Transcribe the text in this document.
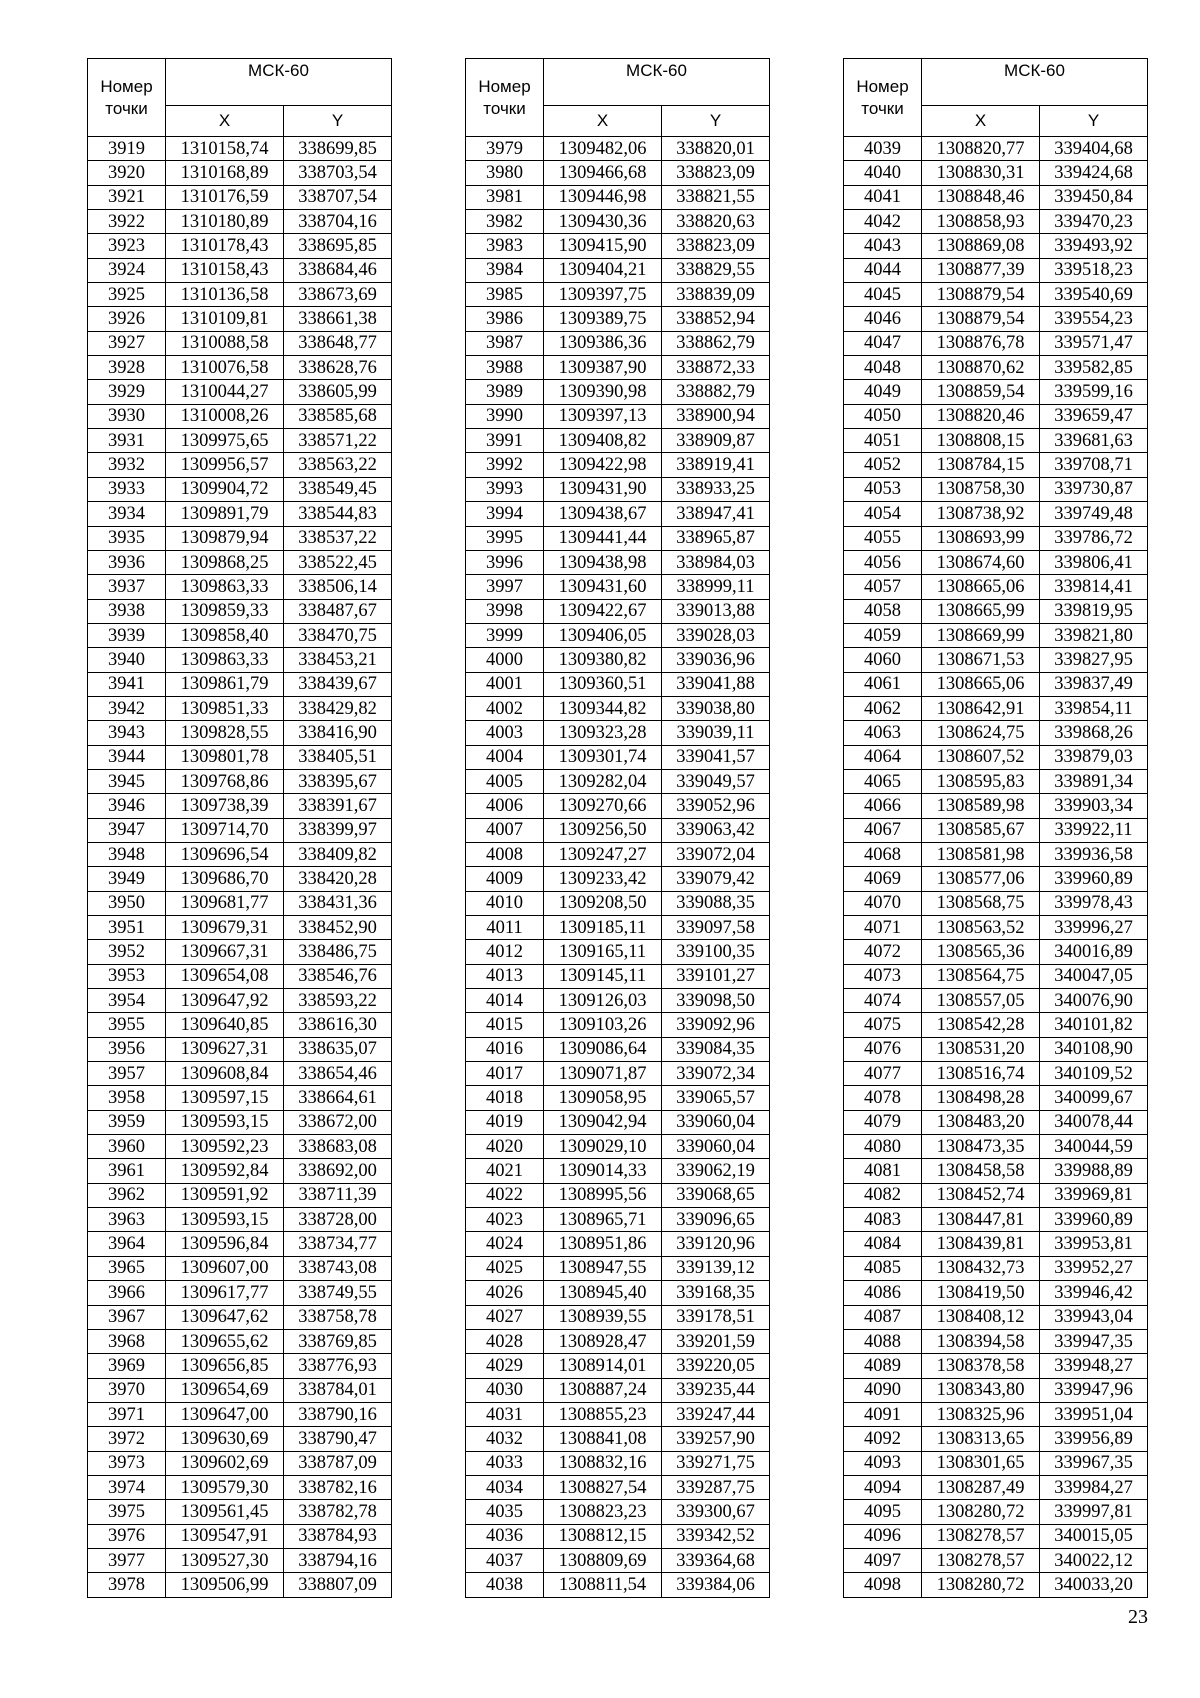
Номер точки	МСК-60	
	X	Y
3919	1310158,74	338699,85
3920	1310168,89	338703,54
3921	1310176,59	338707,54
3922	1310180,89	338704,16
3923	1310178,43	338695,85
3924	1310158,43	338684,46
3925	1310136,58	338673,69
3926	1310109,81	338661,38
3927	1310088,58	338648,77
3928	1310076,58	338628,76
3929	1310044,27	338605,99
3930	1310008,26	338585,68
3931	1309975,65	338571,22
3932	1309956,57	338563,22
3933	1309904,72	338549,45
3934	1309891,79	338544,83
3935	1309879,94	338537,22
3936	1309868,25	338522,45
3937	1309863,33	338506,14
3938	1309859,33	338487,67
3939	1309858,40	338470,75
3940	1309863,33	338453,21
3941	1309861,79	338439,67
3942	1309851,33	338429,82
3943	1309828,55	338416,90
3944	1309801,78	338405,51
3945	1309768,86	338395,67
3946	1309738,39	338391,67
3947	1309714,70	338399,97
3948	1309696,54	338409,82
3949	1309686,70	338420,28
3950	1309681,77	338431,36
3951	1309679,31	338452,90
3952	1309667,31	338486,75
3953	1309654,08	338546,76
3954	1309647,92	338593,22
3955	1309640,85	338616,30
3956	1309627,31	338635,07
3957	1309608,84	338654,46
3958	1309597,15	338664,61
3959	1309593,15	338672,00
3960	1309592,23	338683,08
3961	1309592,84	338692,00
3962	1309591,92	338711,39
3963	1309593,15	338728,00
3964	1309596,84	338734,77
3965	1309607,00	338743,08
3966	1309617,77	338749,55
3967	1309647,62	338758,78
3968	1309655,62	338769,85
3969	1309656,85	338776,93
3970	1309654,69	338784,01
3971	1309647,00	338790,16
3972	1309630,69	338790,47
3973	1309602,69	338787,09
3974	1309579,30	338782,16
3975	1309561,45	338782,78
3976	1309547,91	338784,93
3977	1309527,30	338794,16
3978	1309506,99	338807,09
Номер точки	МСК-60	
	X	Y
3979	1309482,06	338820,01
3980	1309466,68	338823,09
3981	1309446,98	338821,55
3982	1309430,36	338820,63
3983	1309415,90	338823,09
3984	1309404,21	338829,55
3985	1309397,75	338839,09
3986	1309389,75	338852,94
3987	1309386,36	338862,79
3988	1309387,90	338872,33
3989	1309390,98	338882,79
3990	1309397,13	338900,94
3991	1309408,82	338909,87
3992	1309422,98	338919,41
3993	1309431,90	338933,25
3994	1309438,67	338947,41
3995	1309441,44	338965,87
3996	1309438,98	338984,03
3997	1309431,60	338999,11
3998	1309422,67	339013,88
3999	1309406,05	339028,03
4000	1309380,82	339036,96
4001	1309360,51	339041,88
4002	1309344,82	339038,80
4003	1309323,28	339039,11
4004	1309301,74	339041,57
4005	1309282,04	339049,57
4006	1309270,66	339052,96
4007	1309256,50	339063,42
4008	1309247,27	339072,04
4009	1309233,42	339079,42
4010	1309208,50	339088,35
4011	1309185,11	339097,58
4012	1309165,11	339100,35
4013	1309145,11	339101,27
4014	1309126,03	339098,50
4015	1309103,26	339092,96
4016	1309086,64	339084,35
4017	1309071,87	339072,34
4018	1309058,95	339065,57
4019	1309042,94	339060,04
4020	1309029,10	339060,04
4021	1309014,33	339062,19
4022	1308995,56	339068,65
4023	1308965,71	339096,65
4024	1308951,86	339120,96
4025	1308947,55	339139,12
4026	1308945,40	339168,35
4027	1308939,55	339178,51
4028	1308928,47	339201,59
4029	1308914,01	339220,05
4030	1308887,24	339235,44
4031	1308855,23	339247,44
4032	1308841,08	339257,90
4033	1308832,16	339271,75
4034	1308827,54	339287,75
4035	1308823,23	339300,67
4036	1308812,15	339342,52
4037	1308809,69	339364,68
4038	1308811,54	339384,06
Номер точки	МСК-60	
	X	Y
4039	1308820,77	339404,68
4040	1308830,31	339424,68
4041	1308848,46	339450,84
4042	1308858,93	339470,23
4043	1308869,08	339493,92
4044	1308877,39	339518,23
4045	1308879,54	339540,69
4046	1308879,54	339554,23
4047	1308876,78	339571,47
4048	1308870,62	339582,85
4049	1308859,54	339599,16
4050	1308820,46	339659,47
4051	1308808,15	339681,63
4052	1308784,15	339708,71
4053	1308758,30	339730,87
4054	1308738,92	339749,48
4055	1308693,99	339786,72
4056	1308674,60	339806,41
4057	1308665,06	339814,41
4058	1308665,99	339819,95
4059	1308669,99	339821,80
4060	1308671,53	339827,95
4061	1308665,06	339837,49
4062	1308642,91	339854,11
4063	1308624,75	339868,26
4064	1308607,52	339879,03
4065	1308595,83	339891,34
4066	1308589,98	339903,34
4067	1308585,67	339922,11
4068	1308581,98	339936,58
4069	1308577,06	339960,89
4070	1308568,75	339978,43
4071	1308563,52	339996,27
4072	1308565,36	340016,89
4073	1308564,75	340047,05
4074	1308557,05	340076,90
4075	1308542,28	340101,82
4076	1308531,20	340108,90
4077	1308516,74	340109,52
4078	1308498,28	340099,67
4079	1308483,20	340078,44
4080	1308473,35	340044,59
4081	1308458,58	339988,89
4082	1308452,74	339969,81
4083	1308447,81	339960,89
4084	1308439,81	339953,81
4085	1308432,73	339952,27
4086	1308419,50	339946,42
4087	1308408,12	339943,04
4088	1308394,58	339947,35
4089	1308378,58	339948,27
4090	1308343,80	339947,96
4091	1308325,96	339951,04
4092	1308313,65	339956,89
4093	1308301,65	339967,35
4094	1308287,49	339984,27
4095	1308280,72	339997,81
4096	1308278,57	340015,05
4097	1308278,57	340022,12
4098	1308280,72	340033,20
23
